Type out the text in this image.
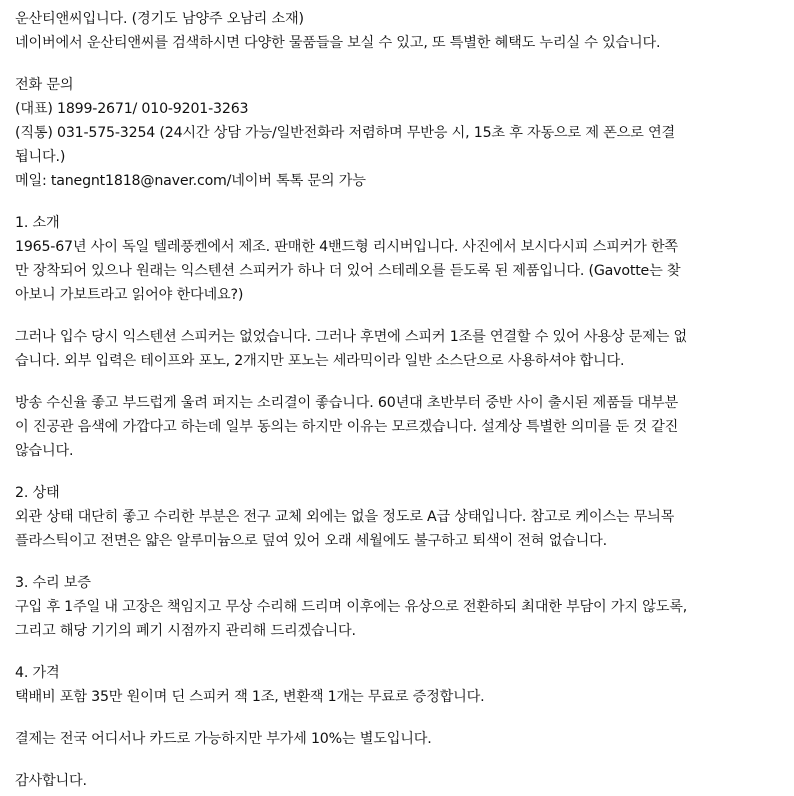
운산티앤씨입니다. (경기도 남양주 오남리 소재)
네이버에서 운산티앤씨를 검색하시면 다양한 물품들을 보실 수 있고, 또 특별한 혜택도 누리실 수 있습니다.
전화 문의
(대표) 1899-2671/ 010-9201-3263
(직통) 031-575-3254 (24시간 상담 가능/일반전화라 저렴하며 무반응 시, 15초 후 자동으로 제 폰으로 연결
됩니다.)
메일: tanegnt1818@naver.com/네이버 톡톡 문의 가능
1. 소개
1965-67년 사이 독일 텔레풍켄에서 제조. 판매한 4밴드형 리시버입니다. 사진에서 보시다시피 스피커가 한쪽
만 장착되어 있으나 원래는 익스텐션 스피커가 하나 더 있어 스테레오를 듣도록 된 제품입니다. (Gavotte는 찾
아보니 가보트라고 읽어야 한다네요?)
그러나 입수 당시 익스텐션 스피커는 없었습니다. 그러나 후면에 스피커 1조를 연결할 수 있어 사용상 문제는 없
습니다. 외부 입력은 테이프와 포노, 2개지만 포노는 세라믹이라 일반 소스단으로 사용하셔야 합니다.
방송 수신율 좋고 부드럽게 울려 퍼지는 소리결이 좋습니다. 60년대 초반부터 중반 사이 출시된 제품들 대부분
이 진공관 음색에 가깝다고 하는데 일부 동의는 하지만 이유는 모르겠습니다. 설계상 특별한 의미를 둔 것 같진
않습니다.
2. 상태
외관 상태 대단히 좋고 수리한 부분은 전구 교체 외에는 없을 정도로 A급 상태입니다. 참고로 케이스는 무늬목
플라스틱이고 전면은 얇은 알루미늄으로 덮여 있어 오래 세월에도 불구하고 퇴색이 전혀 없습니다.
3. 수리 보증
구입 후 1주일 내 고장은 책임지고 무상 수리해 드리며 이후에는 유상으로 전환하되 최대한 부담이 가지 않도록,
그리고 해당 기기의 폐기 시점까지 관리해 드리겠습니다.
4. 가격
택배비 포함 35만 원이며 딘 스피커 잭 1조, 변환잭 1개는 무료로 증정합니다.
결제는 전국 어디서나 카드로 가능하지만 부가세 10%는 별도입니다.
감사합니다.
